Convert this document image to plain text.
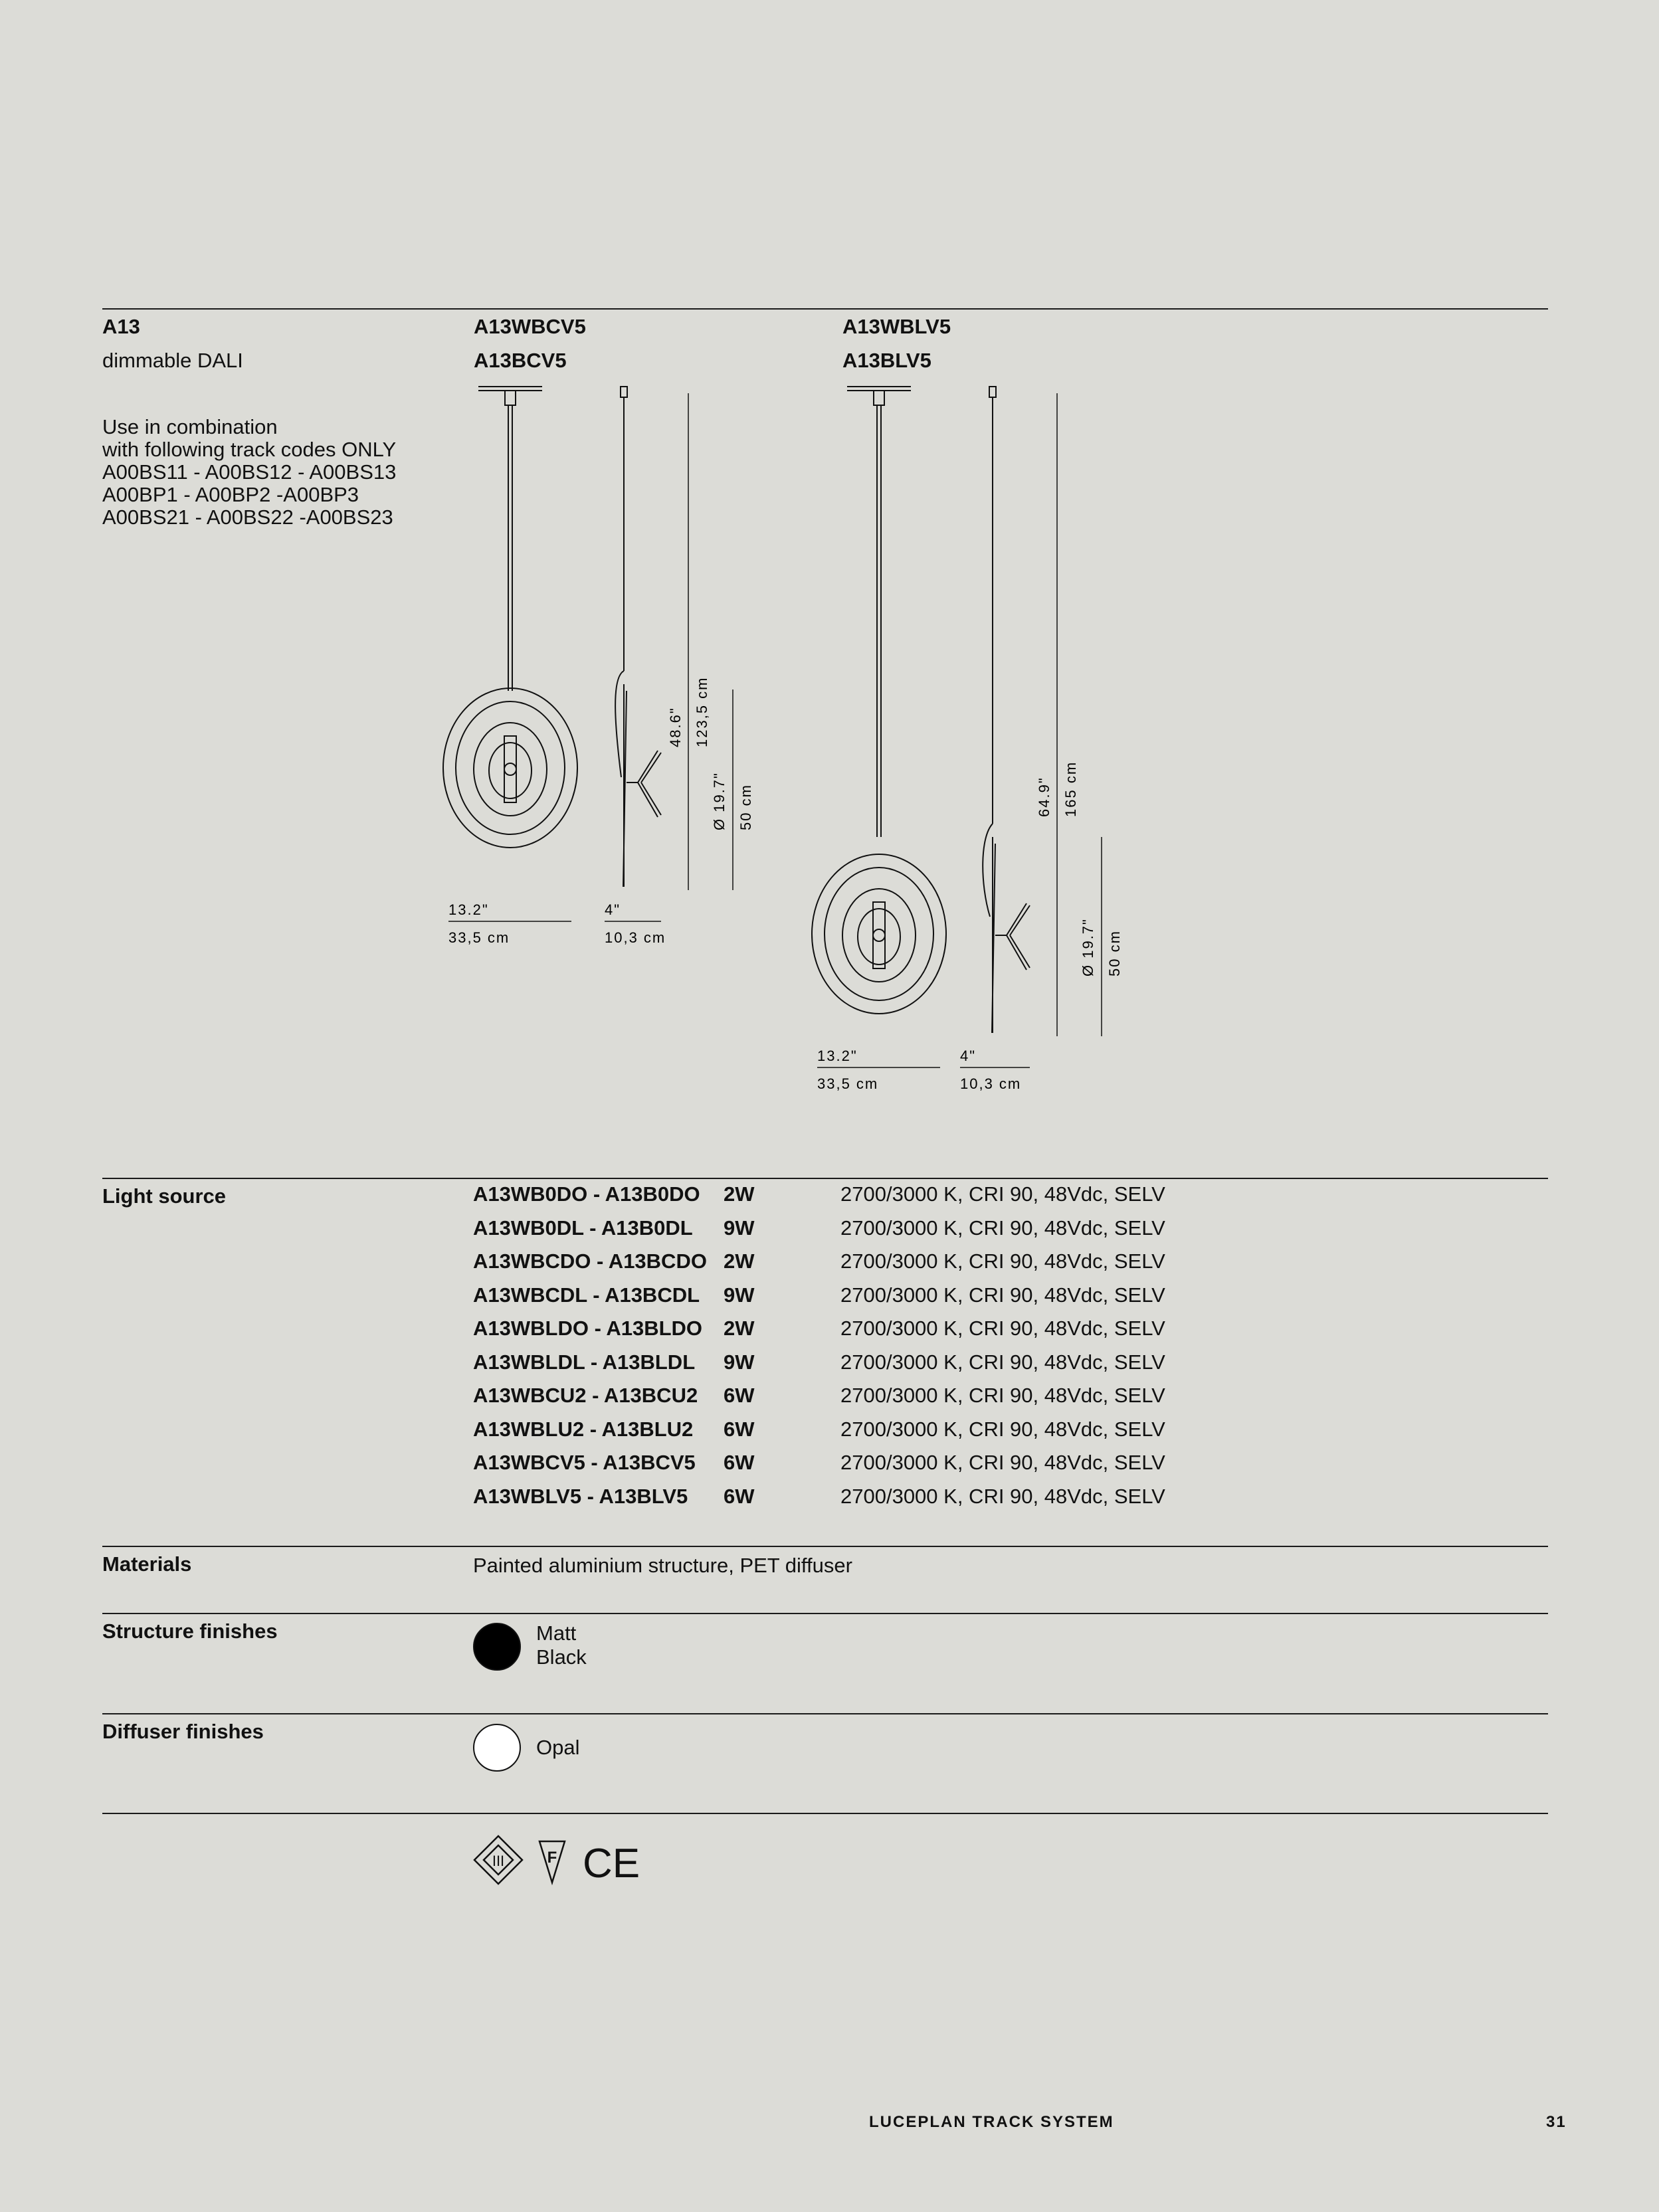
A13
dimmable DALI
Use in combination
with following track codes ONLY
A00BS11 - A00BS12 - A00BS13
A00BP1 - A00BP2 -A00BP3
A00BS21 - A00BS22 -A00BS23
A13WBCV5
A13BCV5
A13WBLV5
A13BLV5
48.6" 123,5 cm
Ø 19.7" 50 cm
13.2"
33,5 cm
4"
10,3 cm
64.9" 165 cm
Ø 19.7" 50 cm
13.2"
33,5 cm
4"
10,3 cm
Light source	A13WB0DO - A13B0DO 2W	2700/3000 K, CRI 90, 48Vdc, SELV
A13WB0DL - A13B0DL 9W	2700/3000 K, CRI 90, 48Vdc, SELV
A13WBCDO - A13BCDO 2W	2700/3000 K, CRI 90, 48Vdc, SELV
A13WBCDL - A13BCDL 9W	2700/3000 K, CRI 90, 48Vdc, SELV
A13WBLDO - A13BLDO 2W	2700/3000 K, CRI 90, 48Vdc, SELV
A13WBLDL - A13BLDL 9W	2700/3000 K, CRI 90, 48Vdc, SELV
A13WBCU2 - A13BCU2 6W	2700/3000 K, CRI 90, 48Vdc, SELV
A13WBLU2 - A13BLU2 6W	2700/3000 K, CRI 90, 48Vdc, SELV
A13WBCV5 - A13BCV5 6W	2700/3000 K, CRI 90, 48Vdc, SELV
A13WBLV5 - A13BLV5 6W	2700/3000 K, CRI 90, 48Vdc, SELV
Materials	Painted aluminium structure, PET diffuser
Structure finishes	Matt
Black
Diffuser finishes
Opal
III	F CE
LUCEPLAN TRACK SYSTEM	31
